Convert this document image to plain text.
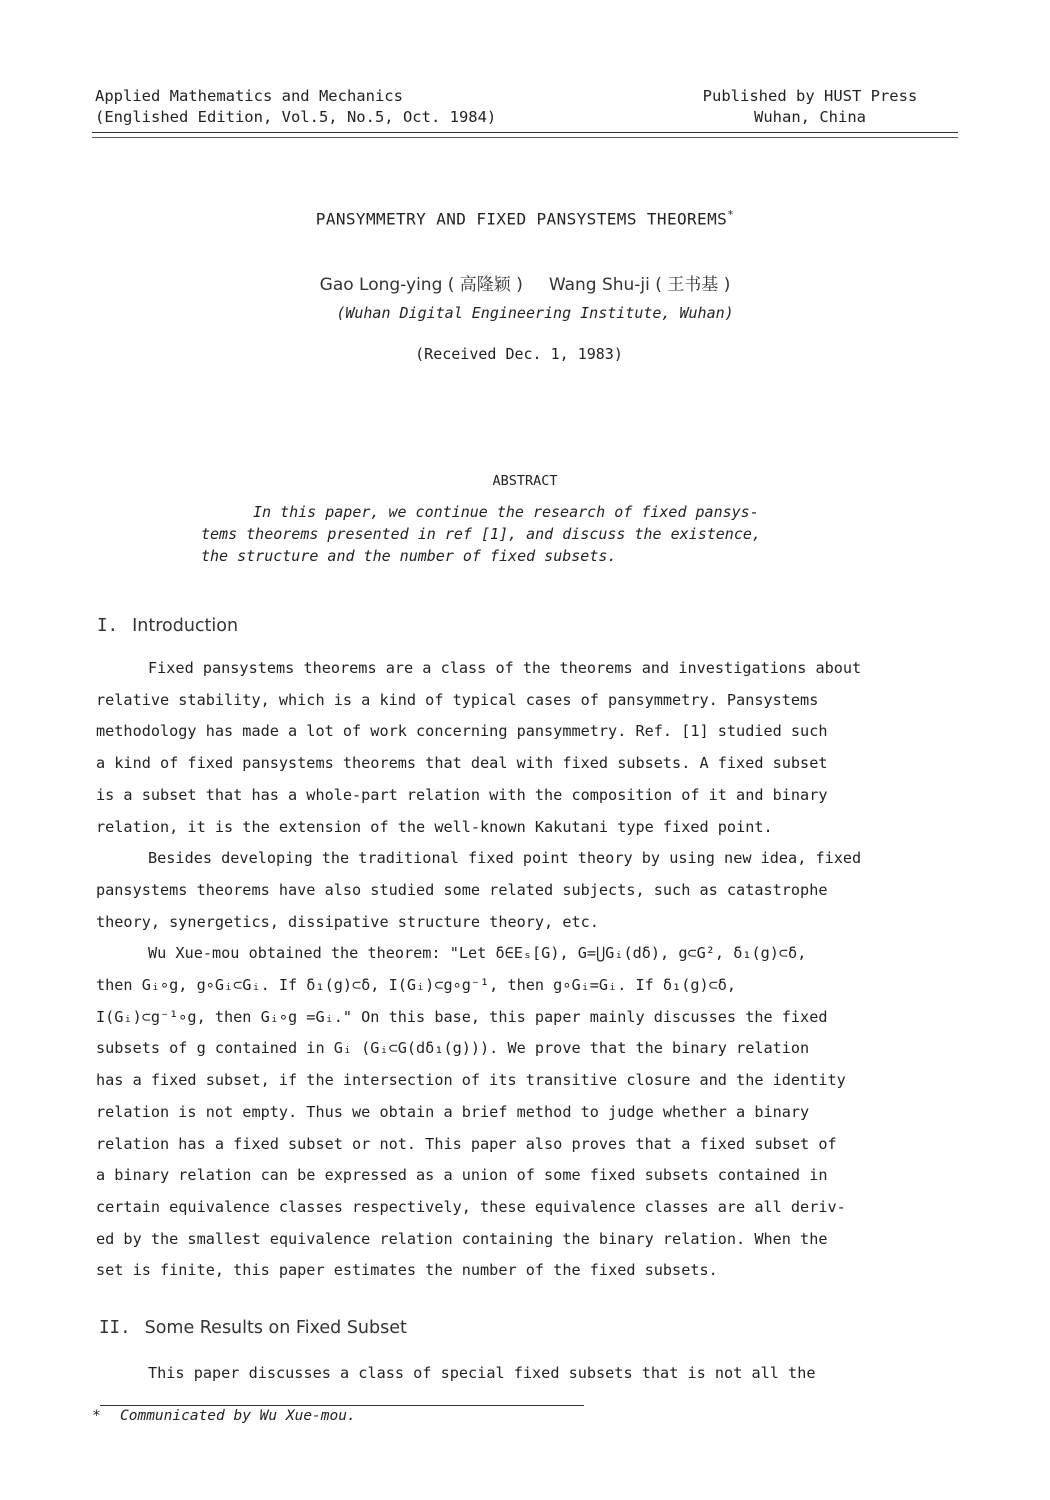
Applied Mathematics and Mechanics
(Englished Edition, Vol.5, No.5, Oct. 1984)
Published by HUST Press
Wuhan, China
PANSYMMETRY AND FIXED PANSYSTEMS THEOREMS*
Gao Long-ying ( 高隆颖 ) Wang Shu-ji ( 王书基 )
(Wuhan Digital Engineering Institute, Wuhan)
(Received Dec. 1, 1983)
ABSTRACT
In this paper, we continue the research of fixed pansys-
tems theorems presented in ref [1], and discuss the existence,
the structure and the number of fixed subsets.
I. Introduction
Fixed pansystems theorems are a class of the theorems and investigations about
relative stability, which is a kind of typical cases of pansymmetry. Pansystems
methodology has made a lot of work concerning pansymmetry. Ref. [1] studied such
a kind of fixed pansystems theorems that deal with fixed subsets. A fixed subset
is a subset that has a whole-part relation with the composition of it and binary
relation, it is the extension of the well-known Kakutani type fixed point.
Besides developing the traditional fixed point theory by using new idea, fixed
pansystems theorems have also studied some related subjects, such as catastrophe
theory, synergetics, dissipative structure theory, etc.
Wu Xue-mou obtained the theorem: "Let δ∈Eₛ[G), G=⋃Gᵢ(dδ), g⊂G², δ₁(g)⊂δ,
then Gᵢ∘g, g∘Gᵢ⊂Gᵢ. If δ₁(g)⊂δ, I(Gᵢ)⊂g∘g⁻¹, then g∘Gᵢ=Gᵢ. If δ₁(g)⊂δ,
I(Gᵢ)⊂g⁻¹∘g, then Gᵢ∘g =Gᵢ." On this base, this paper mainly discusses the fixed
subsets of g contained in Gᵢ (Gᵢ⊂G(dδ₁(g))). We prove that the binary relation
has a fixed subset, if the intersection of its transitive closure and the identity
relation is not empty. Thus we obtain a brief method to judge whether a binary
relation has a fixed subset or not. This paper also proves that a fixed subset of
a binary relation can be expressed as a union of some fixed subsets contained in
certain equivalence classes respectively, these equivalence classes are all deriv-
ed by the smallest equivalence relation containing the binary relation. When the
set is finite, this paper estimates the number of the fixed subsets.
II. Some Results on Fixed Subset
This paper discusses a class of special fixed subsets that is not all the
* Communicated by Wu Xue-mou.
